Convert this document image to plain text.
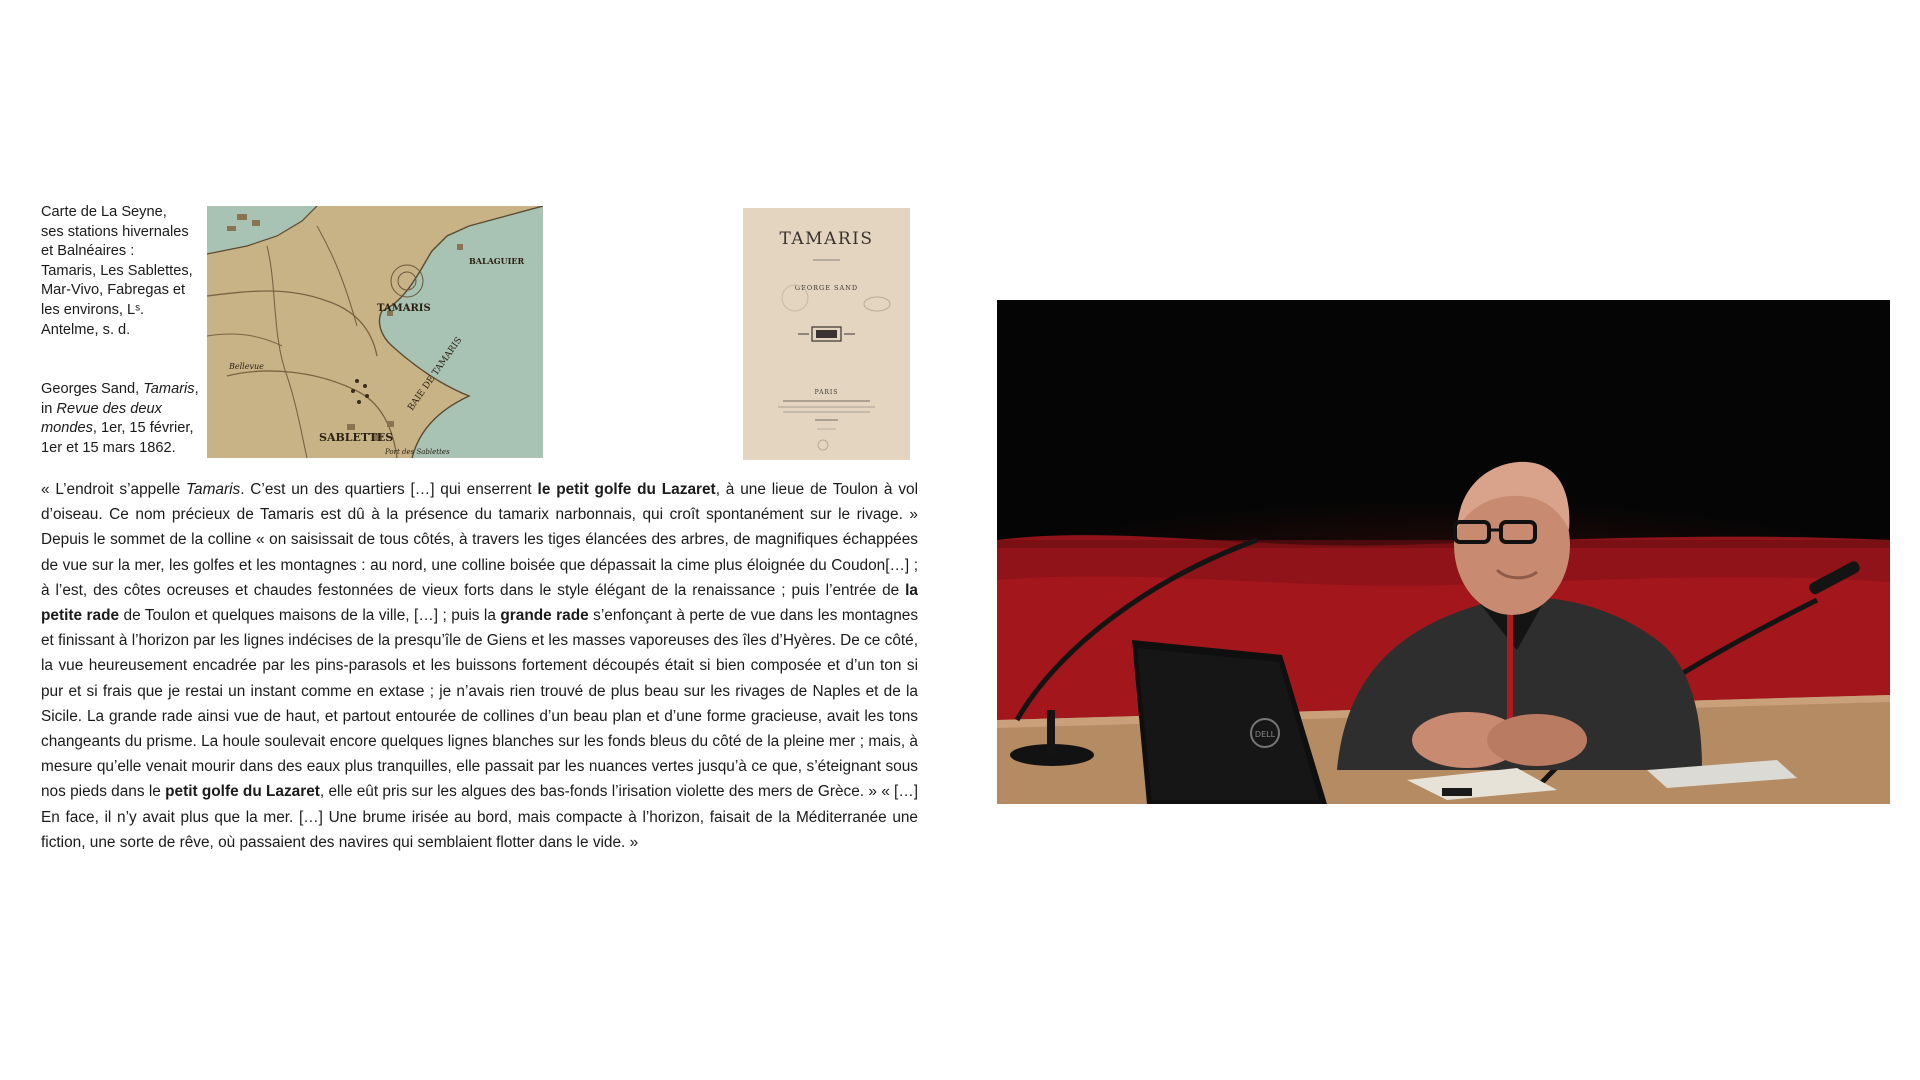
Carte de La Seyne, ses stations hivernales et Balnéaires : Tamaris, Les Sablettes, Mar-Vivo, Fabregas et les environs, Lˢ. Antelme, s. d.
Georges Sand, Tamaris, in Revue des deux mondes, 1er, 15 février, 1er et 15 mars 1862.
TAMARIS
BALAGUIER
SABLETTES
BAIE DE TAMARIS
Bellevue
Port des Sablettes
TAMARIS
GEORGE SAND
PARIS
« L’endroit s’appelle Tamaris. C’est un des quartiers […] qui enserrent le petit golfe du Lazaret, à une lieue de Toulon à vol d’oiseau. Ce nom précieux de Tamaris est dû à la présence du tamarix narbonnais, qui croît spontanément sur le rivage. » Depuis le sommet de la colline « on saisissait de tous côtés, à travers les tiges élancées des arbres, de magnifiques échappées de vue sur la mer, les golfes et les montagnes : au nord, une colline boisée que dépassait la cime plus éloignée du Coudon[…] ; à l’est, des côtes ocreuses et chaudes festonnées de vieux forts dans le style élégant de la renaissance ; puis l’entrée de la petite rade de Toulon et quelques maisons de la ville, […] ; puis la grande rade s’enfonçant à perte de vue dans les montagnes et finissant à l’horizon par les lignes indécises de la presqu’île de Giens et les masses vaporeuses des îles d’Hyères. De ce côté, la vue heureusement encadrée par les pins-parasols et les buissons fortement découpés était si bien composée et d’un ton si pur et si frais que je restai un instant comme en extase ; je n’avais rien trouvé de plus beau sur les rivages de Naples et de la Sicile. La grande rade ainsi vue de haut, et partout entourée de collines d’un beau plan et d’une forme gracieuse, avait les tons changeants du prisme. La houle soulevait encore quelques lignes blanches sur les fonds bleus du côté de la pleine mer ; mais, à mesure qu’elle venait mourir dans des eaux plus tranquilles, elle passait par les nuances vertes jusqu’à ce que, s’éteignant sous nos pieds dans le petit golfe du Lazaret, elle eût pris sur les algues des bas-fonds l’irisation violette des mers de Grèce. » « […] En face, il n’y avait plus que la mer. […] Une brume irisée au bord, mais compacte à l’horizon, faisait de la Méditerranée une fiction, une sorte de rêve, où passaient des navires qui semblaient flotter dans le vide. »
DELL
